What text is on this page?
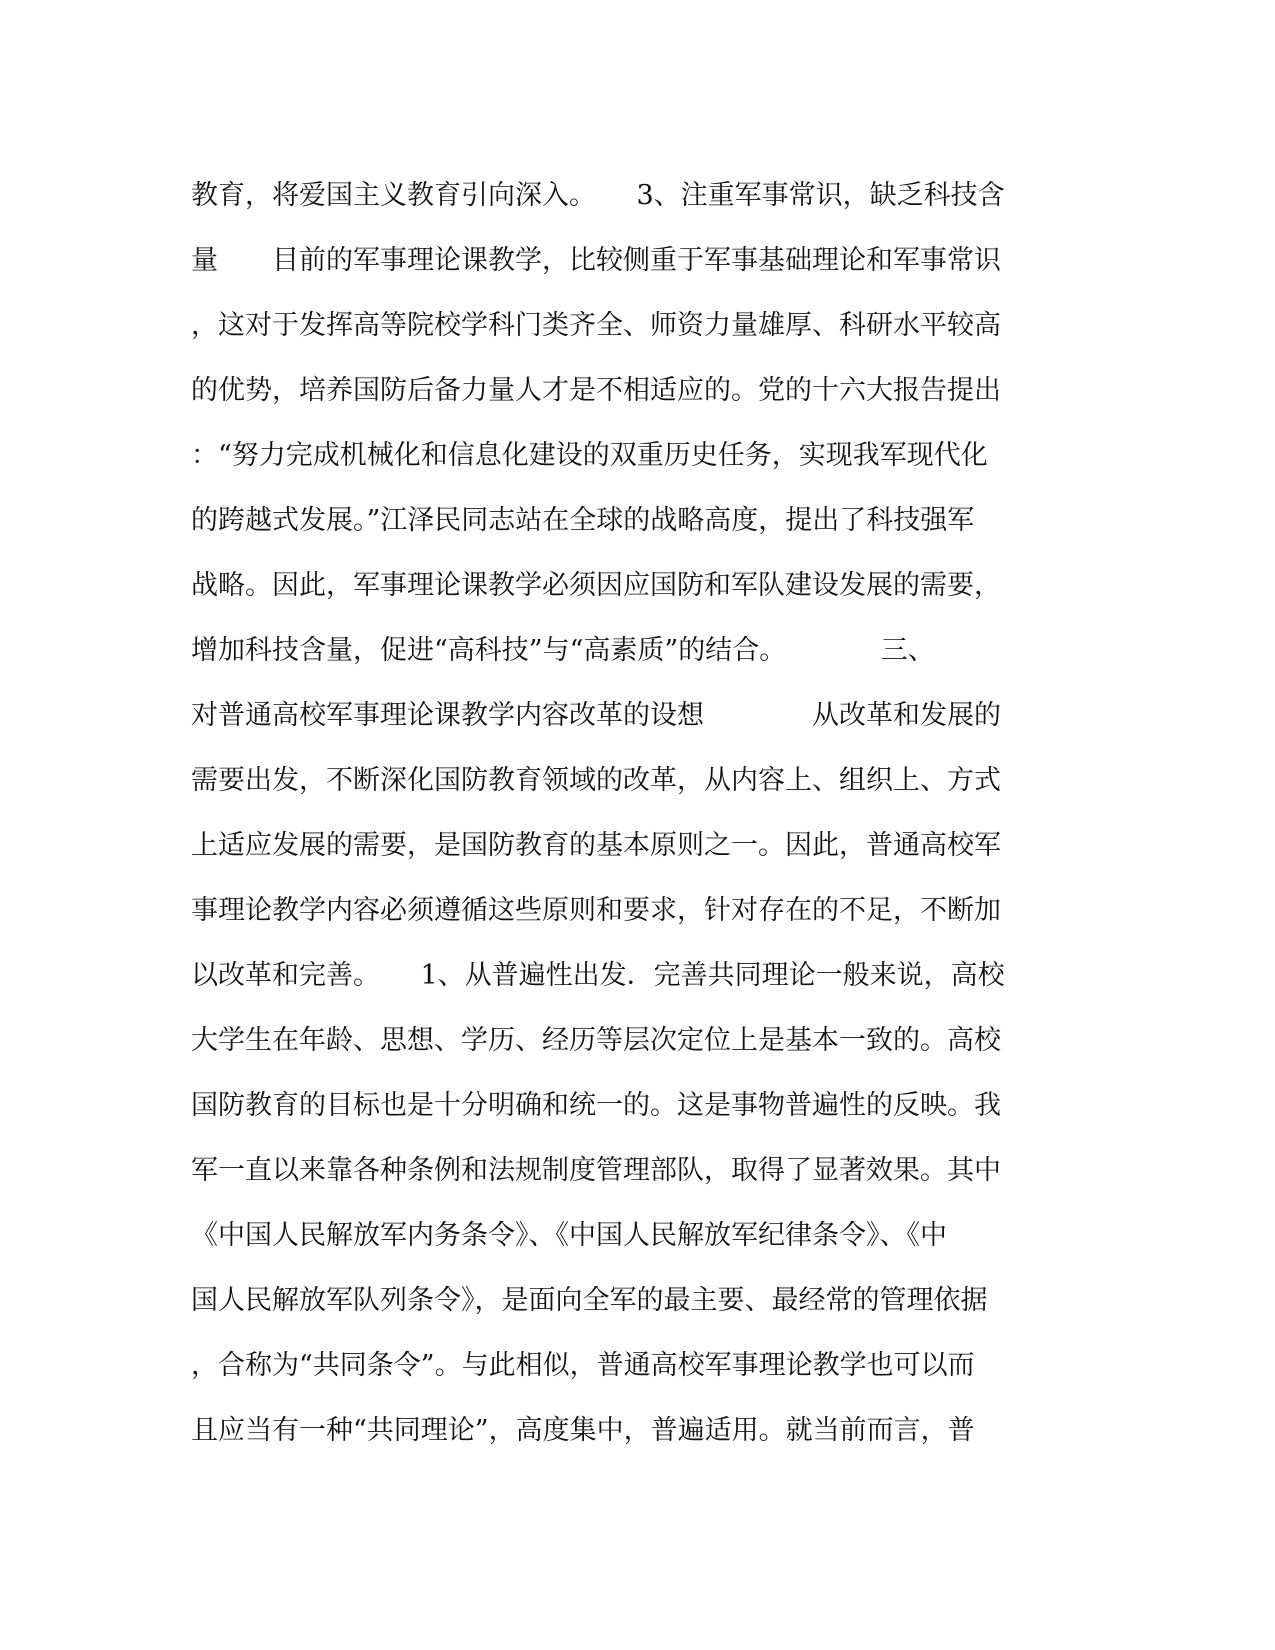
教育，将爱国主义教育引向深入。　　3、注重军事常识，缺乏科技含
量　　目前的军事理论课教学，比较侧重于军事基础理论和军事常识
，这对于发挥高等院校学科门类齐全、师资力量雄厚、科研水平较高
的优势，培养国防后备力量人才是不相适应的。党的十六大报告提出
：“努力完成机械化和信息化建设的双重历史任务，实现我军现代化
的跨越式发展。”江泽民同志站在全球的战略高度，提出了科技强军
战略。因此，军事理论课教学必须因应国防和军队建设发展的需要，
增加科技含量，促进“高科技”与“高素质”的结合。　　　　三、
对普通高校军事理论课教学内容改革的设想　　　　从改革和发展的
需要出发，不断深化国防教育领域的改革，从内容上、组织上、方式
上适应发展的需要，是国防教育的基本原则之一。因此，普通高校军
事理论教学内容必须遵循这些原则和要求，针对存在的不足，不断加
以改革和完善。　　1、从普遍性出发．完善共同理论一般来说，高校
大学生在年龄、思想、学历、经历等层次定位上是基本一致的。高校
国防教育的目标也是十分明确和统一的。这是事物普遍性的反映。我
军一直以来靠各种条例和法规制度管理部队，取得了显著效果。其中
《中国人民解放军内务条令》、《中国人民解放军纪律条令》、《中
国人民解放军队列条令》，是面向全军的最主要、最经常的管理依据
，合称为“共同条令”。与此相似，普通高校军事理论教学也可以而
且应当有一种“共同理论”，高度集中，普遍适用。就当前而言，普
